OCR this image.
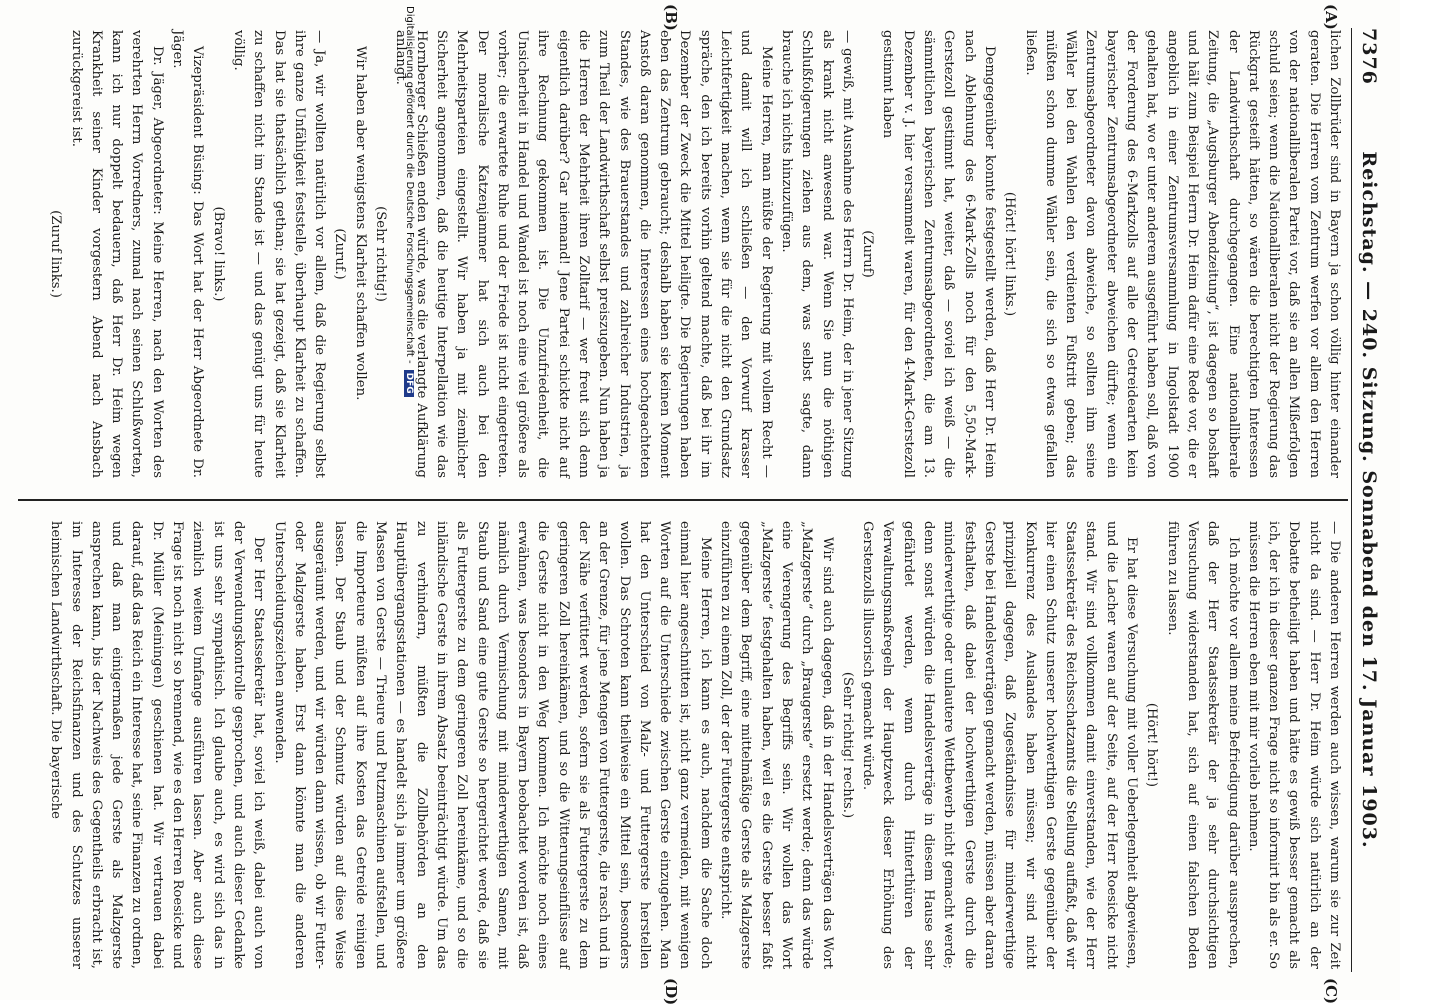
7376
Reichstag. — 240. Sitzung. Sonnabend den 17. Januar 1903.
(A)
(B)
(C)
(D)

lichen Zollbrüder sind in Bayern ja schon völlig hinter einander geraten. Die Herren vom Zentrum werfen vor allem den Herren von der nationalliberalen Partei vor, daß sie an allen Mißerfolgen schuld seien; wenn die Nationalliberalen nicht der Regierung das Rückgrat gesteift hätten, so wären die berechtigten Interessen der Landwirthschaft durchgegangen. Eine nationalliberale Zeitung, die „Augsburger Abendzeitung“, ist dagegen so boshaft und hält zum Beispiel Herrn Dr. Heim dafür eine Rede vor, die er angeblich in einer Zentrumsversammlung in Ingolstadt 1900 gehalten hat, wo er unter anderem ausgeführt haben soll, daß von der Forderung des 6-Markzolls auf alle der Getreidearten kein bayerischer Zentrumsabgeordneter abweichen dürfte; wenn ein Zentrumsabgeordneter davon abweiche, so sollten ihm seine Wähler bei den Wahlen den verdienten Fußtritt geben; das müßten schon dumme Wähler sein, die sich so etwas gefallen ließen.

(Hört! hört! links.)

Demgegenüber konnte festgestellt werden, daß Herr Dr. Heim nach Ablehnung des 6-Mark-Zolls noch für den 5,50-Mark-Gerstezoll gestimmt hat, weiter, daß — soviel ich weiß — die sämmtlichen bayerischen Zentrumsabgeordneten, die am 13. Dezember v. J. hier versammelt waren, für den 4-Mark-Gerstezoll gestimmt haben

(Zuruf)

— gewiß, mit Ausnahme des Herrn Dr. Heim, der in jener Sitzung als krank nicht anwesend war. Wenn Sie nun die nöthigen Schlußfolgerungen ziehen aus dem, was selbst sagte, dann brauche ich nichts hinzuzufügen.

Meine Herren, man müßte der Regierung mit vollem Recht — und damit will ich schließen — den Vorwurf krasser Leichtfertigkeit machen, wenn sie für die nicht den Grundsatz spräche, den ich bereits vorhin geltend machte, daß bei ihr im Dezember der Zweck die Mittel heiligte. Die Regierungen haben eben das Zentrum gebraucht; deshalb haben sie keinen Moment Anstoß daran genommen, die Interessen eines hochgeachteten Standes, wie des Brauerstandes und zahlreicher Industrien, ja zum Theil der Landwirthschaft selbst preiszugeben. Nun haben ja die Herren der Mehrheit ihren Zolltarif — wer freut sich denn eigentlich darüber? Gar niemand! Jene Partei schickte nicht auf ihre Rechnung gekommen ist. Die Unzufriedenheit, die Unsicherheit in Handel und Wandel ist noch eine viel größere als vorher; die erwartete Ruhe und der Friede ist nicht eingetreten. Der moralische Katzenjammer hat sich auch bei den Mehrheitsparteien eingestellt. Wir haben ja mit ziemlicher Sicherheit angenommen, daß die heutige Interpellation wie das Hornberger Schießen enden würde, was die verlangte Aufklärung anlangt.

(Sehr richtig!)

Wir haben aber wenigstens Klarheit schaffen wollen.

(Zuruf.)

— Ja, wir wollten natürlich vor allem, daß die Regierung selbst ihre ganze Unfähigkeit feststelle, überhaupt Klarheit zu schaffen. Das hat sie thatsächlich gethan; sie hat gezeigt, daß sie Klarheit zu schaffen nicht im Stande ist — und das genügt uns für heute völlig.

(Bravo! links.)

Vizepräsident Büsing: Das Wort hat der Herr Abgeordnete Dr. Jäger.

Dr. Jäger, Abgeordneter: Meine Herren, nach den Worten des verehrten Herrn Vorredners, zumal nach seinen Schlußworten, kann ich nur doppelt bedauern, daß Herr Dr. Heim wegen Krankheit seiner Kinder vorgestern Abend nach Ansbach zurückgereist ist.

(Zuruf links.)

— Die anderen Herren werden auch wissen, warum sie zur Zeit nicht da sind. — Herr Dr. Heim würde sich natürlich an der Debatte betheiligt haben und hätte es gewiß besser gemacht als ich, der ich in dieser ganzen Frage nicht so informirt bin als er. So müssen die Herren eben mit mir vorlieb nehmen.

Ich möchte vor allem meine Befriedigung darüber aussprechen, daß der Herr Staatssekretär der ja sehr durchsichtigen Versuchung widerstanden hat, sich auf einen falschen Boden führen zu lassen.

(Hört! hört!)

Er hat diese Versuchung mit voller Ueberlegenheit abgewiesen, und die Lacher waren auf der Seite, auf der Herr Roesicke nicht stand. Wir sind vollkommen damit einverstanden, wie der Herr Staatssekretär des Reichsschatzamts die Stellung auffaßt, daß wir hier einen Schutz unserer hochwerthigen Gerste gegenüber der Konkurrenz des Auslandes haben müssen; wir sind nicht prinzipiell dagegen, daß Zugeständnisse für minderwerthige Gerste bei Handelsverträgen gemacht werden, müssen aber daran festhalten, daß dabei der hochwerthigen Gerste durch die minderwerthige oder unlautere Wettbewerb nicht gemacht werde; denn sonst würden die Handelsverträge in diesem Hause sehr gefährdet werden, wenn durch Hinterthüren der Verwaltungsmaßregeln der Hauptzweck dieser Erhöhung des Gerstenzolls illusorisch gemacht würde.

(Sehr richtig! rechts.)

Wir sind auch dagegen, daß in der Handelsverträgen das Wort „Malzgerste“ durch „Braugerste“ ersetzt werde; denn das würde eine Verengerung des Begriffs sein. Wir wollen das Wort „Malzgerste“ festgehalten haben, weil es die Gerste besser faßt gegenüber dem Begriff, eine mittelmäßige Gerste als Malzgerste einzuführen zu einem Zoll, der der Futtergerste entspricht.

Meine Herren, ich kann es auch, nachdem die Sache doch einmal hier angeschnitten ist, nicht ganz vermeiden, mit wenigen Worten auf die Unterschiede zwischen Gerste einzugehen. Man hat den Unterschied von Malz- und Futtergerste herstellen wollen. Das Schroten kann theilweise ein Mittel sein, besonders an der Grenze, für jene Mengen von Futtergerste, die rasch und in der Nähe verfüttert werden, sofern sie als Futtergerste zu dem geringeren Zoll hereinkämen, und so die Witterungseinflüsse auf die Gerste nicht in den Weg kommen. Ich möchte noch eines erwähnen, was besonders in Bayern beobachtet worden ist, daß nämlich durch Vermischung mit minderwerthigen Samen, mit Staub und Sand eine gute Gerste so hergerichtet werde, daß sie als Futtergerste zu dem geringeren Zoll hereinkäme, und so die inländische Gerste in ihrem Absatz beeinträchtigt würde. Um das zu verhindern, müßten die Zollbehörden an den Hauptübergangsstationen — es handelt sich ja immer um größere Massen von Gerste — Trieure und Putzmaschinen aufstellen, und die Importeure müßten auf ihre Kosten das Getreide reinigen lassen. Der Staub und der Schmutz würden auf diese Weise ausgeräumt werden, und wir würden dann wissen, ob wir Futter- oder Malzgerste haben. Erst dann könnte man die anderen Unterscheidungszeichen anwenden.

Der Herr Staatssekretär hat, soviel ich weiß, dabei auch von der Verwendungskontrolle gesprochen, und auch dieser Gedanke ist uns sehr sympathisch. Ich glaube auch, es wird sich das in ziemlich weitem Umfange ausführen lassen. Aber auch diese Frage ist noch nicht so brennend, wie es den Herren Roesicke und Dr. Müller (Meiningen) geschienen hat. Wir vertrauen dabei darauf, daß das Reich ein Interesse hat, seine Finanzen zu ordnen, und daß man einigermaßen jede Gerste als Malzgerste ansprechen kann, bis der Nachweis des Gegentheils erbracht ist, im Interesse der Reichsfinanzen und des Schutzes unserer heimischen Landwirthschaft. Die bayerische

Digitalisierung gefördert durch die Deutsche Forschungsgemeinschaft -DFG
